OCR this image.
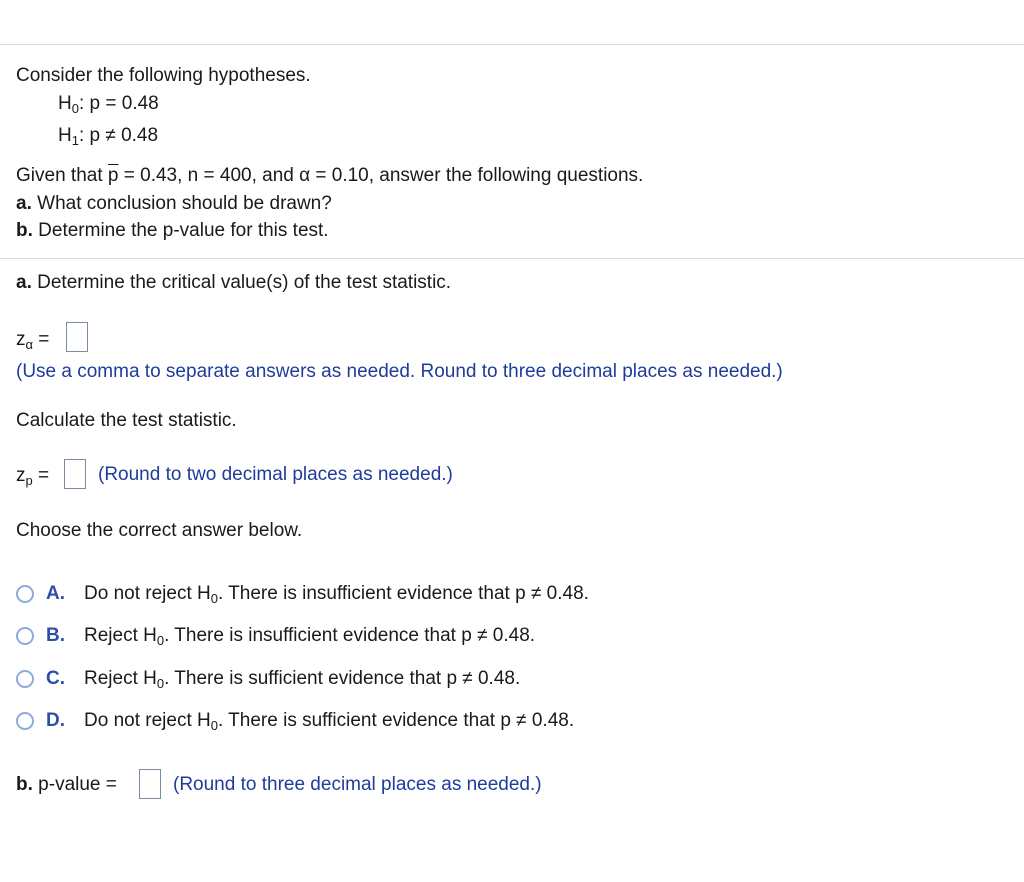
Consider the following hypotheses.
$H_0$: p = 0.48
$H_1$: p ≠ 0.48
Given that $\overline{p} = 0.43$, n = 400, and α = 0.10, answer the following questions.
a. What conclusion should be drawn?
b. Determine the p-value for this test.
a. Determine the critical value(s) of the test statistic.
$z_\alpha$ =
(Use a comma to separate answers as needed. Round to three decimal places as needed.)
Calculate the test statistic.
$z_p$ =	(Round to two decimal places as needed.)
Choose the correct answer below.
A.	Do not reject $H_0$. There is insufficient evidence that p ≠ 0.48.
B.	Reject $H_0$. There is insufficient evidence that p ≠ 0.48.
C.	Reject $H_0$. There is sufficient evidence that p ≠ 0.48.
D.	Do not reject $H_0$. There is sufficient evidence that p ≠ 0.48.
b. p-value =	(Round to three decimal places as needed.)
